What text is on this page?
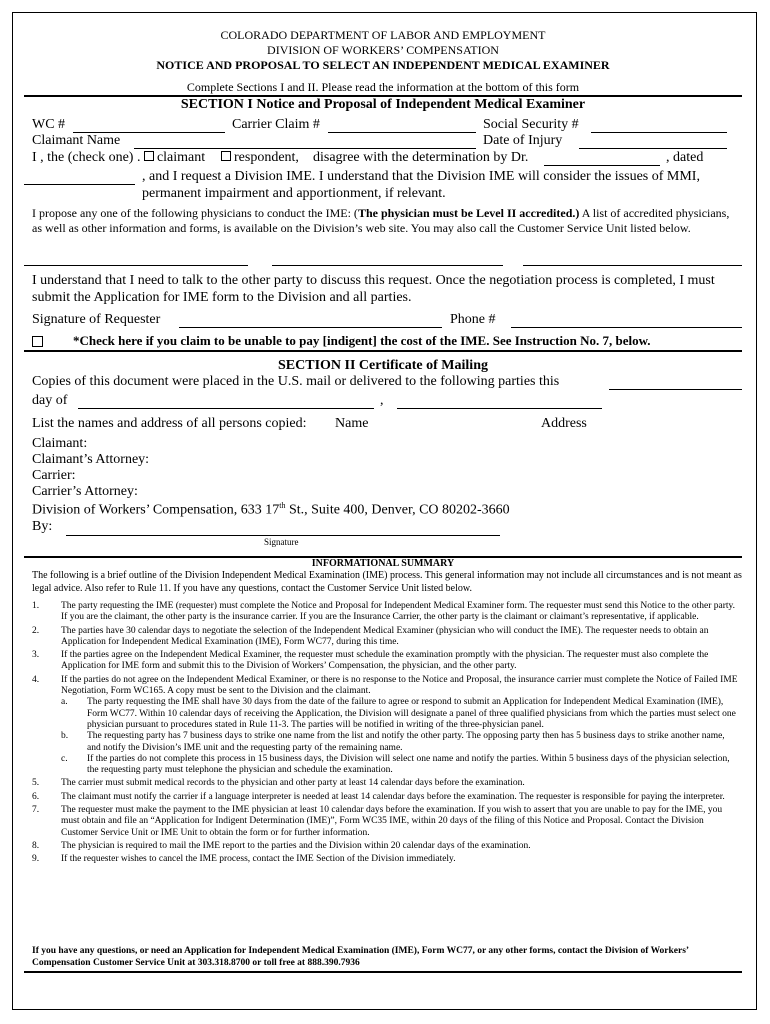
COLORADO DEPARTMENT OF LABOR AND EMPLOYMENT
DIVISION OF WORKERS’ COMPENSATION
NOTICE AND PROPOSAL TO SELECT AN INDEPENDENT MEDICAL EXAMINER
Complete Sections I and II. Please read the information at the bottom of this form
SECTION I Notice and Proposal of Independent Medical Examiner
WC #	Carrier Claim #	Social Security #
Claimant Name	Date of Injury
I , the (check one) . claimant	respondent, disagree with the determination by Dr.	, dated
, and I request a Division IME. I understand that the Division IME will consider the issues of MMI,
permanent impairment and apportionment, if relevant.
I propose any one of the following physicians to conduct the IME: (The physician must be Level II accredited.) A list of accredited physicians, as well as other information and forms, is available on the Division’s web site. You may also call the Customer Service Unit listed below.
I understand that I need to talk to the other party to discuss this request. Once the negotiation process is completed, I must submit the Application for IME form to the Division and all parties.
Signature of Requester	Phone #
*Check here if you claim to be unable to pay [indigent] the cost of the IME. See Instruction No. 7, below.
SECTION II Certificate of Mailing
Copies of this document were placed in the U.S. mail or delivered to the following parties this
day of	,
List the names and address of all persons copied: Name	Address
Claimant:
Claimant’s Attorney:
Carrier:
Carrier’s Attorney:
Division of Workers’ Compensation, 633 17th St., Suite 400, Denver, CO 80202-3660
By:
Signature
INFORMATIONAL SUMMARY
The following is a brief outline of the Division Independent Medical Examination (IME) process. This general information may not include all circumstances and is not meant as legal advice. Also refer to Rule 11. If you have any questions, contact the Customer Service Unit listed below.
1. The party requesting the IME (requester) must complete the Notice and Proposal for Independent Medical Examiner form. The requester must send this Notice to the other party. If you are the claimant, the other party is the insurance carrier. If you are the Insurance Carrier, the other party is the claimant or claimant’s representative, if applicable.
2. The parties have 30 calendar days to negotiate the selection of the Independent Medical Examiner (physician who will conduct the IME). The requester needs to obtain an Application for Independent Medical Examination (IME), Form WC77, during this time.
3. If the parties agree on the Independent Medical Examiner, the requester must schedule the examination promptly with the physician. The requester must also complete the Application for IME form and submit this to the Division of Workers’ Compensation, the physician, and the other party.
4. If the parties do not agree on the Independent Medical Examiner, or there is no response to the Notice and Proposal, the insurance carrier must complete the Notice of Failed IME Negotiation, Form WC165. A copy must be sent to the Division and the claimant.
a. The party requesting the IME shall have 30 days from the date of the failure to agree or respond to submit an Application for Independent Medical Examination (IME), Form WC77. Within 10 calendar days of receiving the Application, the Division will designate a panel of three qualified physicians from which the parties must select one physician pursuant to procedures stated in Rule 11-3. The parties will be notified in writing of the three-physician panel.
b. The requesting party has 7 business days to strike one name from the list and notify the other party. The opposing party then has 5 business days to strike another name, and notify the Division’s IME unit and the requesting party of the remaining name.
c. If the parties do not complete this process in 15 business days, the Division will select one name and notify the parties. Within 5 business days of the physician selection, the requesting party must telephone the physician and schedule the examination.
5. The carrier must submit medical records to the physician and other party at least 14 calendar days before the examination.
6. The claimant must notify the carrier if a language interpreter is needed at least 14 calendar days before the examination. The requester is responsible for paying the interpreter.
7. The requester must make the payment to the IME physician at least 10 calendar days before the examination. If you wish to assert that you are unable to pay for the IME, you must obtain and file an “Application for Indigent Determination (IME)”, Form WC35 IME, within 20 days of the filing of this Notice and Proposal. Contact the Division Customer Service Unit or IME Unit to obtain the form or for further information.
8. The physician is required to mail the IME report to the parties and the Division within 20 calendar days of the examination.
9. If the requester wishes to cancel the IME process, contact the IME Section of the Division immediately.
If you have any questions, or need an Application for Independent Medical Examination (IME), Form WC77, or any other forms, contact the Division of Workers’ Compensation Customer Service Unit at 303.318.8700 or toll free at 888.390.7936
